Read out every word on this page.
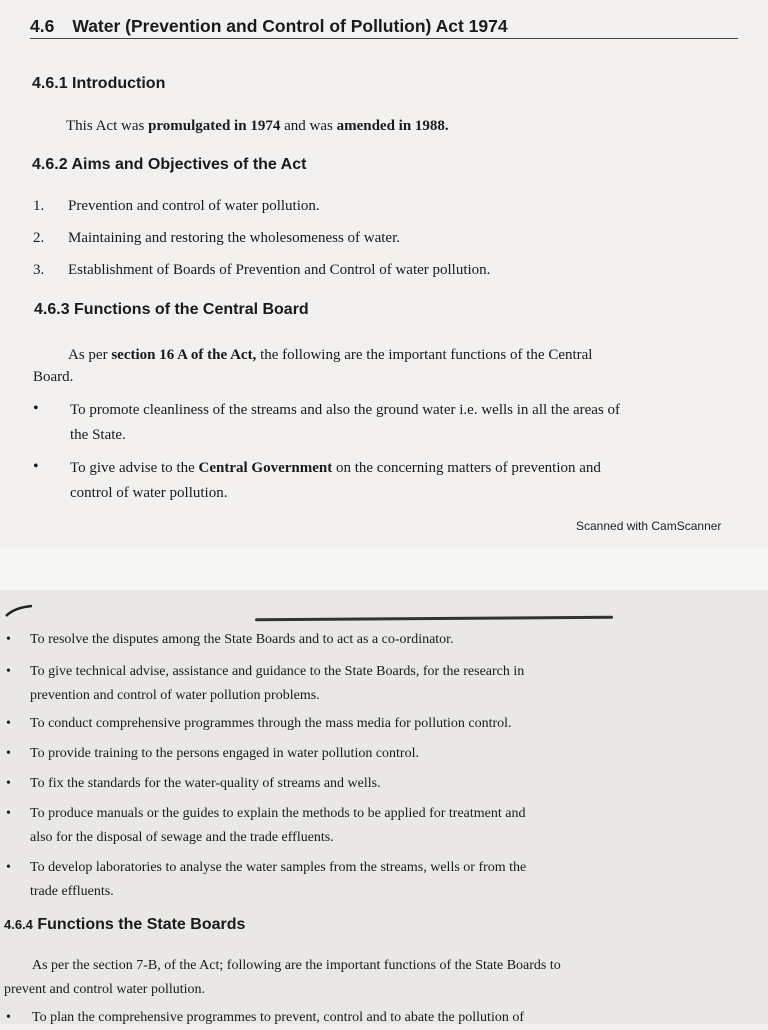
4.6 Water (Prevention and Control of Pollution) Act 1974
4.6.1 Introduction
This Act was promulgated in 1974 and was amended in 1988.
4.6.2 Aims and Objectives of the Act
1. Prevention and control of water pollution.
2. Maintaining and restoring the wholesomeness of water.
3. Establishment of Boards of Prevention and Control of water pollution.
4.6.3 Functions of the Central Board
As per section 16 A of the Act, the following are the important functions of the Central
Board.
• To promote cleanliness of the streams and also the ground water i.e. wells in all the areas of
the State.
• To give advise to the Central Government on the concerning matters of prevention and
control of water pollution.
Scanned with CamScanner
• To resolve the disputes among the State Boards and to act as a co-ordinator.
• To give technical advise, assistance and guidance to the State Boards, for the research in
prevention and control of water pollution problems.
• To conduct comprehensive programmes through the mass media for pollution control.
• To provide training to the persons engaged in water pollution control.
• To fix the standards for the water-quality of streams and wells.
• To produce manuals or the guides to explain the methods to be applied for treatment and
also for the disposal of sewage and the trade effluents.
• To develop laboratories to analyse the water samples from the streams, wells or from the
trade effluents.
4.6.4 Functions the State Boards
As per the section 7-B, of the Act; following are the important functions of the State Boards to
prevent and control water pollution.
• To plan the comprehensive programmes to prevent, control and to abate the pollution of
